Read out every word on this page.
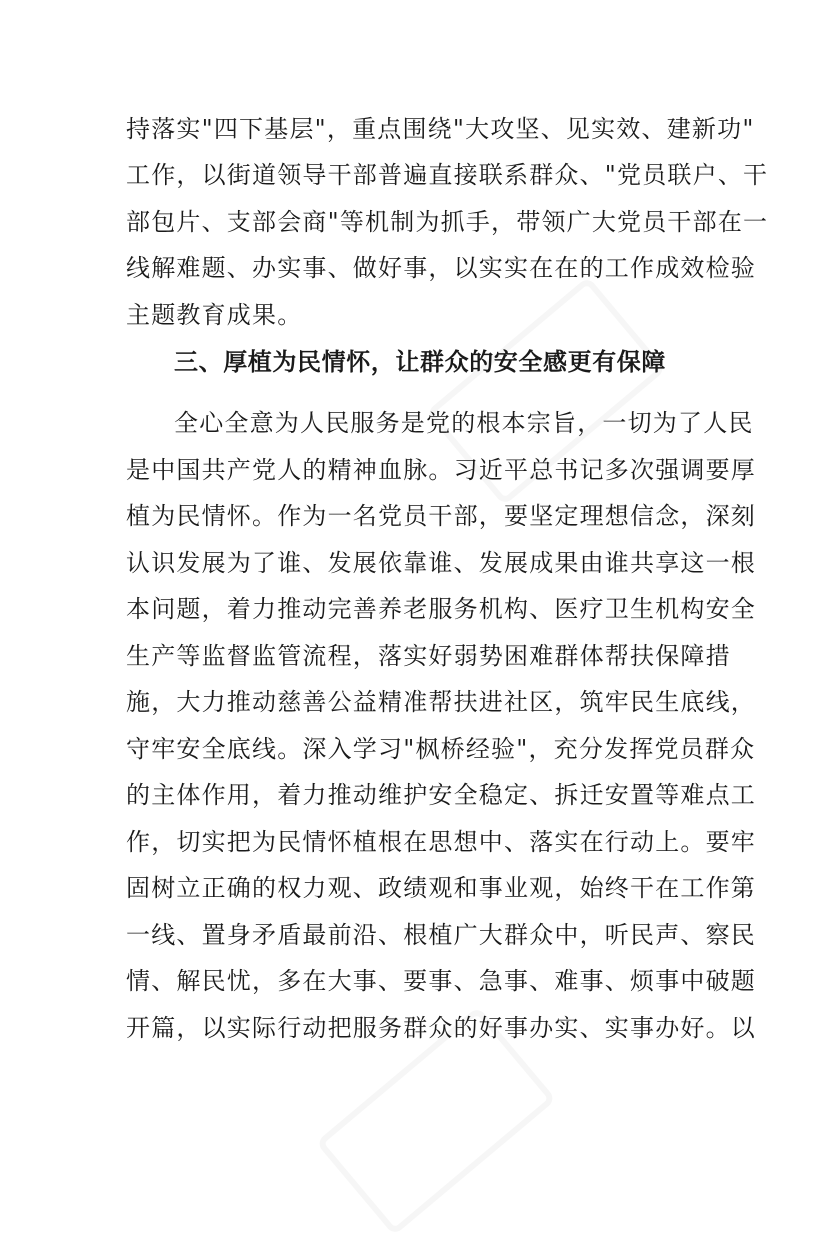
持落实"四下基层"，重点围绕"大攻坚、见实效、建新功"
工作，以街道领导干部普遍直接联系群众、"党员联户、干
部包片、支部会商"等机制为抓手，带领广大党员干部在一
线解难题、办实事、做好事，以实实在在的工作成效检验
主题教育成果。
三、厚植为民情怀，让群众的安全感更有保障
全心全意为人民服务是党的根本宗旨，一切为了人民
是中国共产党人的精神血脉。习近平总书记多次强调要厚
植为民情怀。作为一名党员干部，要坚定理想信念，深刻
认识发展为了谁、发展依靠谁、发展成果由谁共享这一根
本问题，着力推动完善养老服务机构、医疗卫生机构安全
生产等监督监管流程，落实好弱势困难群体帮扶保障措
施，大力推动慈善公益精准帮扶进社区，筑牢民生底线，
守牢安全底线。深入学习"枫桥经验"，充分发挥党员群众
的主体作用，着力推动维护安全稳定、拆迁安置等难点工
作，切实把为民情怀植根在思想中、落实在行动上。要牢
固树立正确的权力观、政绩观和事业观，始终干在工作第
一线、置身矛盾最前沿、根植广大群众中，听民声、察民
情、解民忧，多在大事、要事、急事、难事、烦事中破题
开篇，以实际行动把服务群众的好事办实、实事办好。以
